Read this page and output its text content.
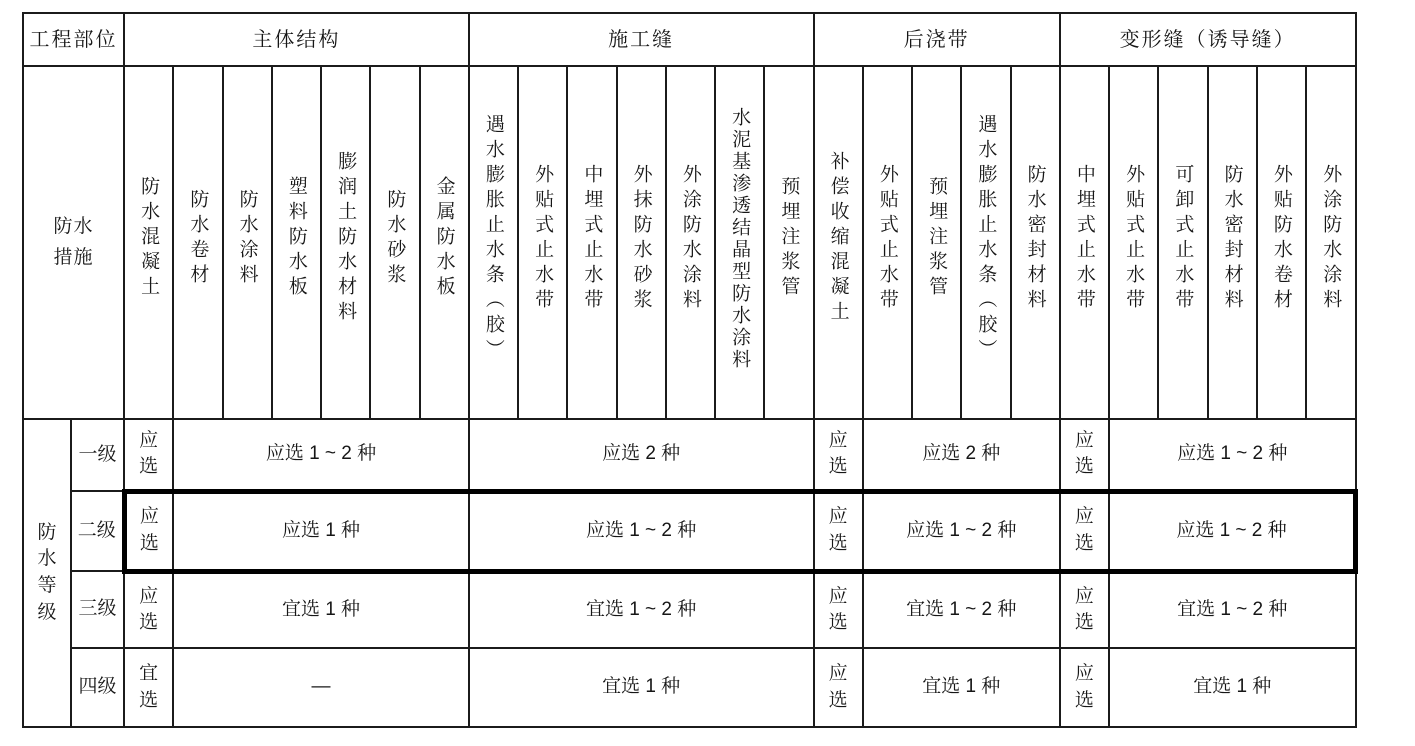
工程部位		主体结构							施工缝							后浇带					变形缝（诱导缝）					
防水措施		防水混凝土	防水卷材	防水涂料	塑料防水板	膨润土防水材料	防水砂浆	金属防水板	遇水膨胀止水条（胶）	外贴式止水带	中埋式止水带	外抹防水砂浆	外涂防水涂料	水泥基渗透结晶型防水涂料	预埋注浆管	补偿收缩混凝土	外贴式止水带	预埋注浆管	遇水膨胀止水条（胶）	防水密封材料	中埋式止水带	外贴式止水带	可卸式止水带	防水密封材料	外贴防水卷材	外涂防水涂料
防水等级	一级	应选	应选 1 ~ 2 种						应选 2 种							应选	应选 2 种				应选	应选 1 ~ 2 种				
	二级	应选	应选 1 种						应选 1 ~ 2 种							应选	应选 1 ~ 2 种				应选	应选 1 ~ 2 种				
	三级	应选	宜选 1 种						宜选 1 ~ 2 种							应选	宜选 1 ~ 2 种				应选	宜选 1 ~ 2 种				
	四级	宜选	—						宜选 1 种							应选	宜选 1 种				应选	宜选 1 种				
